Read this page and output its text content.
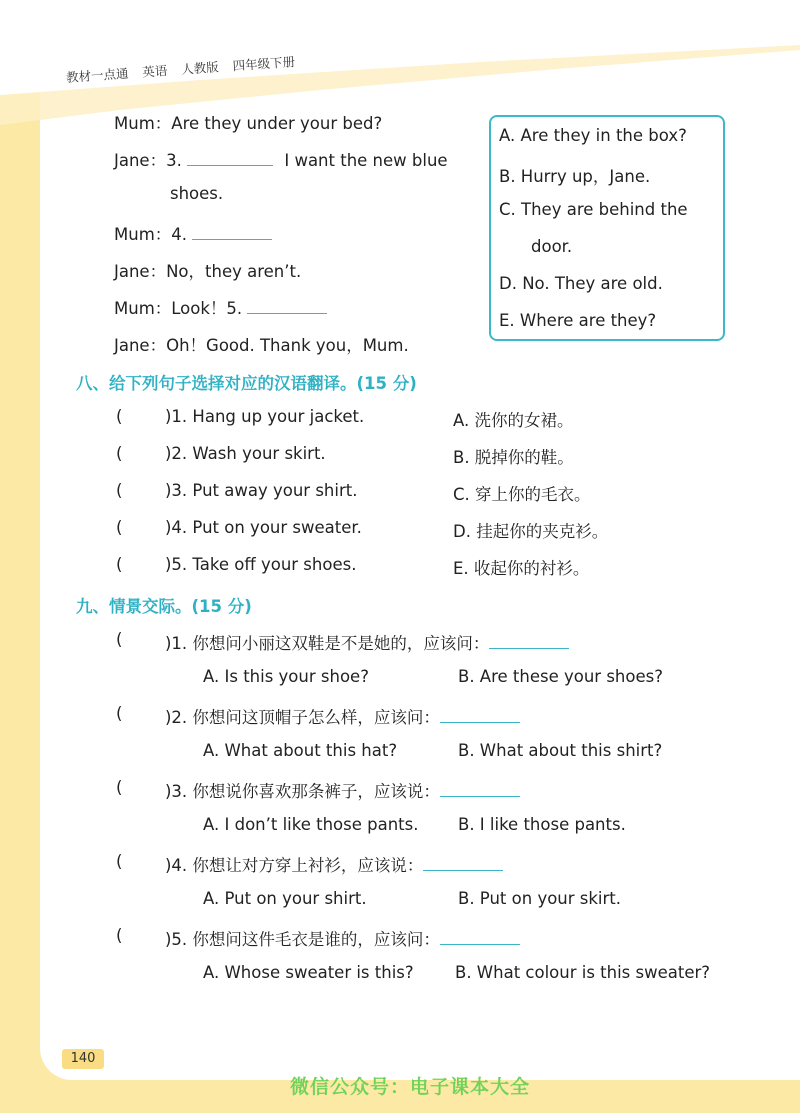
教材一点通 英语 人教版 四年级下册
Mum：Are they under your bed?
Jane：3.	I want the new blue
shoes.
Mum：4.
Jane：No，they aren’t.
Mum：Look！5.
Jane：Oh！Good. Thank you，Mum.
A. Are they in the box?
B. Hurry up，Jane.
C. They are behind the
door.
D. No. They are old.
E. Where are they?
八、给下列句子选择对应的汉语翻译。(15 分)
(	)1. Hang up your jacket.	A. 洗你的女裙。
(	)2. Wash your skirt.	B. 脱掉你的鞋。
(	)3. Put away your shirt.	C. 穿上你的毛衣。
(	)4. Put on your sweater.	D. 挂起你的夹克衫。
(	)5. Take off your shoes.	E. 收起你的衬衫。
九、情景交际。(15 分)
(	)1. 你想问小丽这双鞋是不是她的，应该问：
A. Is this your shoe?	B. Are these your shoes?
(	)2. 你想问这顶帽子怎么样，应该问：
A. What about this hat?	B. What about this shirt?
(	)3. 你想说你喜欢那条裤子，应该说：
A. I don’t like those pants. B. I like those pants.
(	)4. 你想让对方穿上衬衫，应该说：
A. Put on your shirt.	B. Put on your skirt.
(	)5. 你想问这件毛衣是谁的，应该问：
A. Whose sweater is this?	B. What colour is this sweater?
140
微信公众号：电子课本大全
